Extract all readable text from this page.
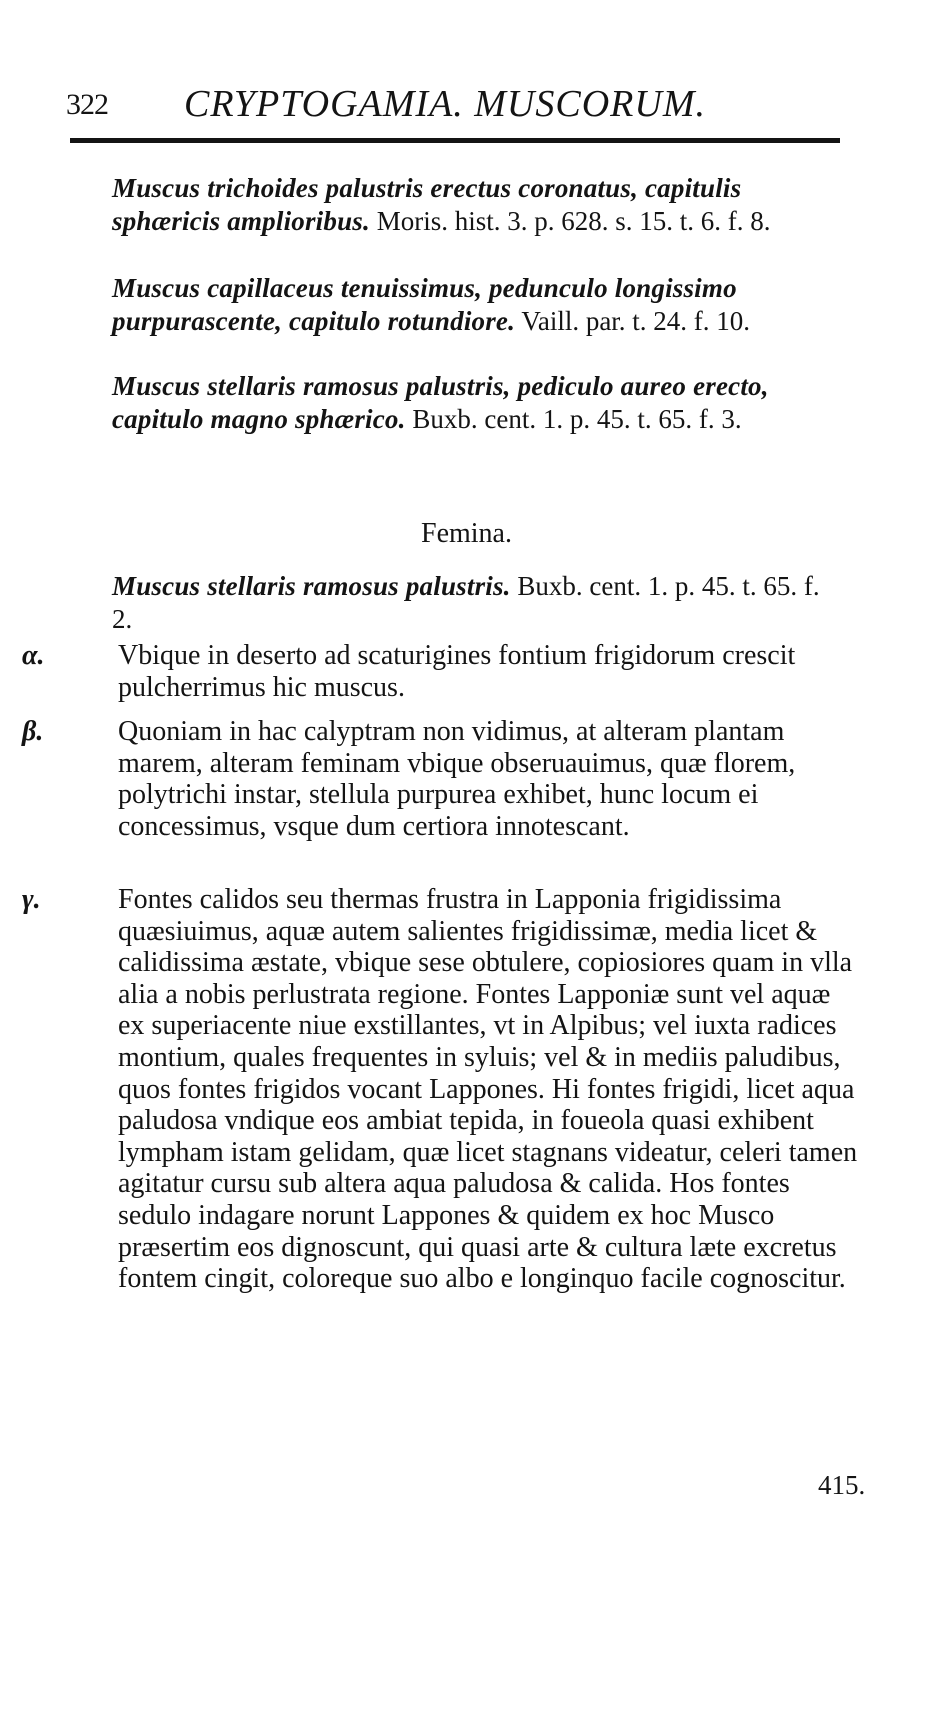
322 CRYPTOGAMIA. MUSCORUM.

Muscus trichoides palustris erectus coronatus, capitulis sphæricis amplioribus. Moris. hist. 3. p. 628. s. 15. t. 6. f. 8.

Muscus capillaceus tenuissimus, pedunculo longissimo purpurascente, capitulo rotundiore. Vaill. par. t. 24. f. 10.

Muscus stellaris ramosus palustris, pediculo aureo erecto, capitulo magno sphærico. Buxb. cent. 1. p. 45. t. 65. f. 3.

Femina.

Muscus stellaris ramosus palustris. Buxb. cent. 1. p. 45. t. 65. f. 2.

α.	Vbique in deserto ad scaturigines fontium frigidorum crescit pulcherrimus hic muscus.

β.	Quoniam in hac calyptram non vidimus, at alteram plantam marem, alteram feminam vbique obseruauimus, quæ florem, polytrichi instar, stellula purpurea exhibet, hunc locum ei concessimus, vsque dum certiora innotescant.

γ.	Fontes calidos seu thermas frustra in Lapponia frigidissima quæsiuimus, aquæ autem salientes frigidissimæ, media licet & calidissima æstate, vbique sese obtulere, copiosiores quam in vlla alia a nobis perlustrata regione. Fontes Lapponiæ sunt vel aquæ ex superiacente niue exstillantes, vt in Alpibus; vel iuxta radices montium, quales frequentes in syluis; vel & in mediis paludibus, quos fontes frigidos vocant Lappones. Hi fontes frigidi, licet aqua paludosa vndique eos ambiat tepida, in foueola quasi exhibent lympham istam gelidam, quæ licet stagnans videatur, celeri tamen agitatur cursu sub altera aqua paludosa & calida. Hos fontes sedulo indagare norunt Lappones & quidem ex hoc Musco præsertim eos dignoscunt, qui quasi arte & cultura læte excretus fontem cingit, coloreque suo albo e longinquo facile cognoscitur.

415.
